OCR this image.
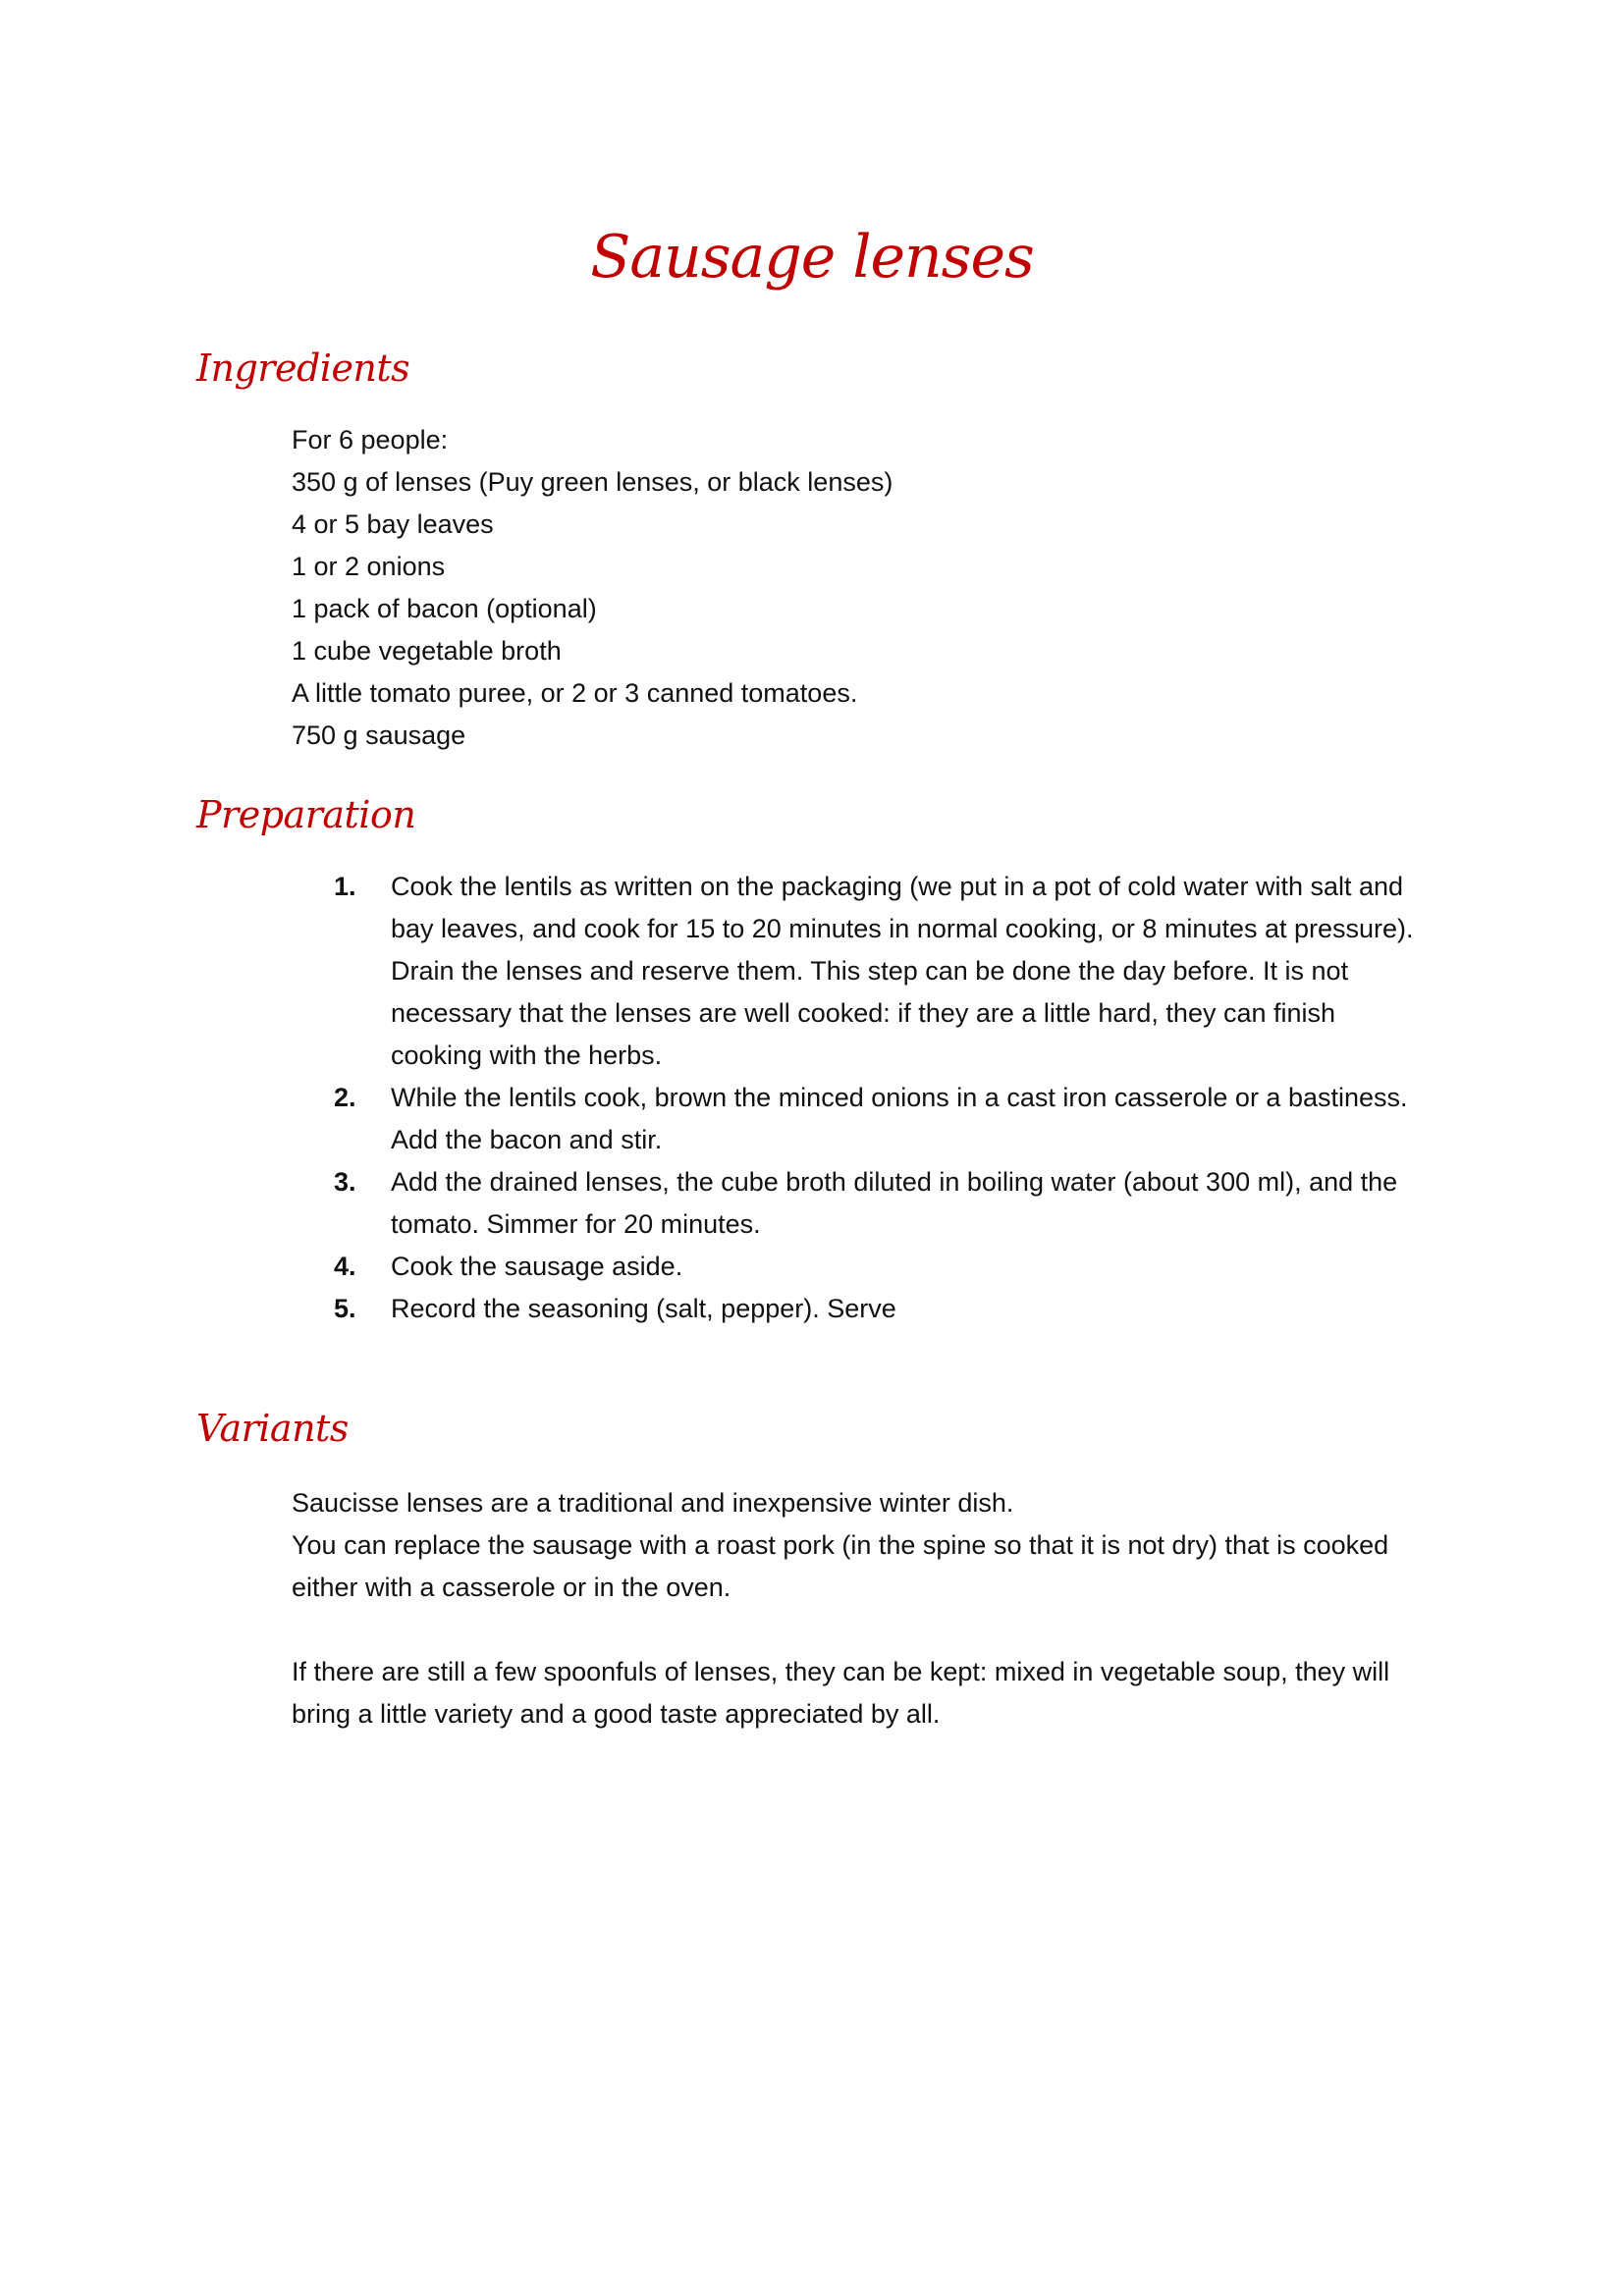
Sausage lenses
Ingredients
For 6 people:
350 g of lenses (Puy green lenses, or black lenses)
4 or 5 bay leaves
1 or 2 onions
1 pack of bacon (optional)
1 cube vegetable broth
A little tomato puree, or 2 or 3 canned tomatoes.
750 g sausage
Preparation
1. Cook the lentils as written on the packaging (we put in a pot of cold water with salt and bay leaves, and cook for 15 to 20 minutes in normal cooking, or 8 minutes at pressure). Drain the lenses and reserve them. This step can be done the day before. It is not necessary that the lenses are well cooked: if they are a little hard, they can finish cooking with the herbs.
2. While the lentils cook, brown the minced onions in a cast iron casserole or a bastiness. Add the bacon and stir.
3. Add the drained lenses, the cube broth diluted in boiling water (about 300 ml), and the tomato. Simmer for 20 minutes.
4. Cook the sausage aside.
5. Record the seasoning (salt, pepper). Serve
Variants

Saucisse lenses are a traditional and inexpensive winter dish.

You can replace the sausage with a roast pork (in the spine so that it is not dry) that is cooked either with a casserole or in the oven.

If there are still a few spoonfuls of lenses, they can be kept: mixed in vegetable soup, they will bring a little variety and a good taste appreciated by all.
